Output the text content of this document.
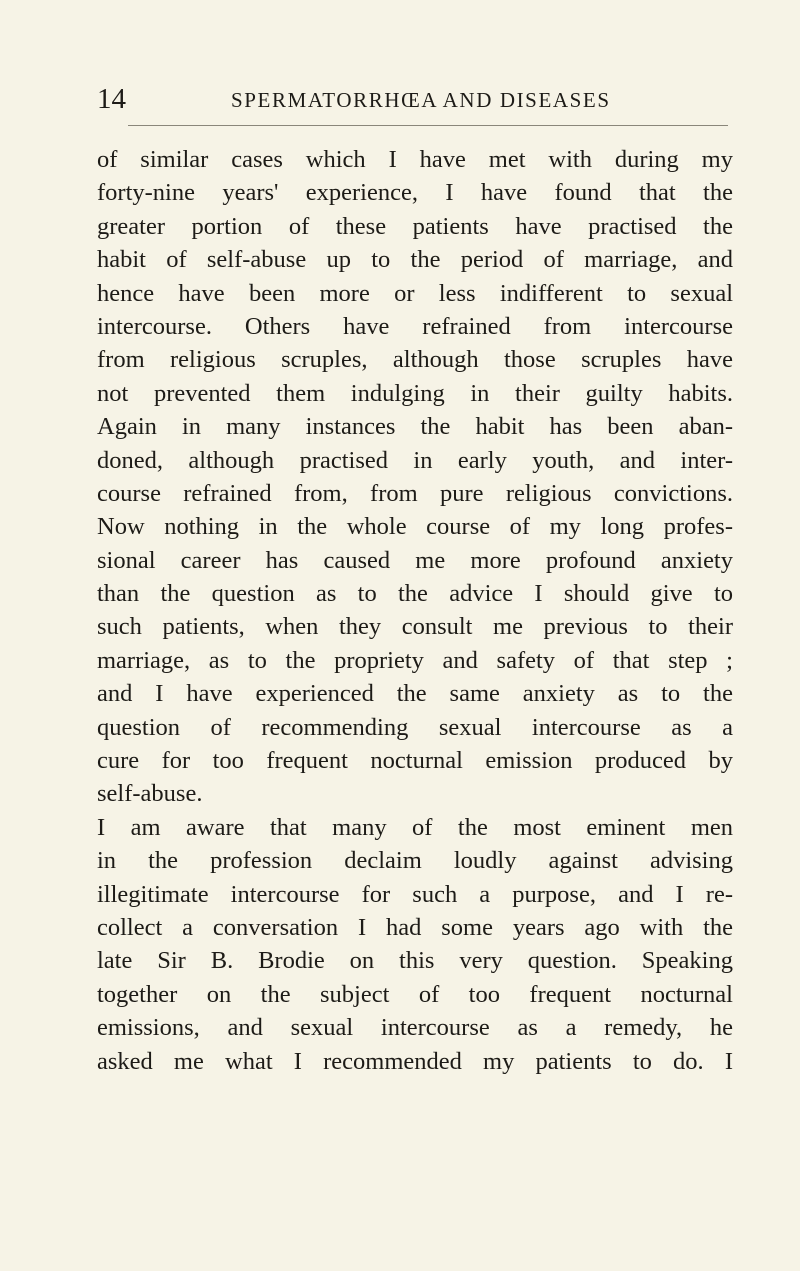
14	SPERMATORRHŒA AND DISEASES
of similar cases which I have met with during my
forty-nine years' experience, I have found that the
greater portion of these patients have practised the
habit of self-abuse up to the period of marriage, and
hence have been more or less indifferent to sexual
intercourse. Others have refrained from intercourse
from religious scruples, although those scruples have
not prevented them indulging in their guilty habits.
Again in many instances the habit has been aban-
doned, although practised in early youth, and inter-
course refrained from, from pure religious convictions.
Now nothing in the whole course of my long profes-
sional career has caused me more profound anxiety
than the question as to the advice I should give to
such patients, when they consult me previous to their
marriage, as to the propriety and safety of that step ;
and I have experienced the same anxiety as to the
question of recommending sexual intercourse as a
cure for too frequent nocturnal emission produced by
self-abuse.
I am aware that many of the most eminent men
in the profession declaim loudly against advising
illegitimate intercourse for such a purpose, and I re-
collect a conversation I had some years ago with the
late Sir B. Brodie on this very question. Speaking
together on the subject of too frequent nocturnal
emissions, and sexual intercourse as a remedy, he
asked me what I recommended my patients to do. I
